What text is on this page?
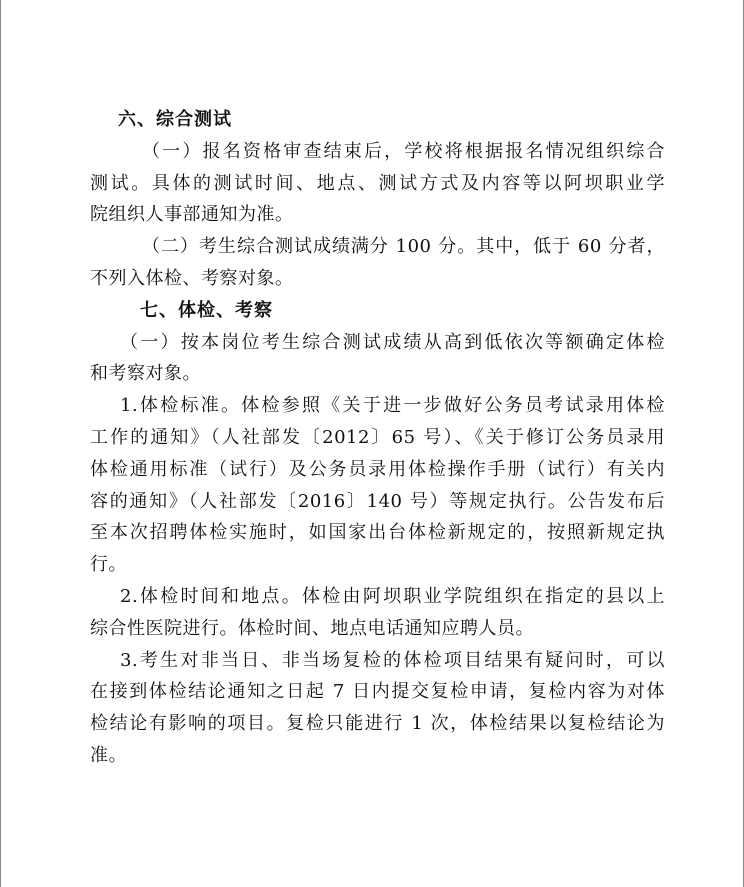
六、综合测试
（一）报名资格审查结束后，学校将根据报名情况组织综合
测试。具体的测试时间、地点、测试方式及内容等以阿坝职业学
院组织人事部通知为准。
（二）考生综合测试成绩满分 100 分。其中，低于 60 分者，
不列入体检、考察对象。
七、体检、考察
（一）按本岗位考生综合测试成绩从高到低依次等额确定体检
和考察对象。
1.体检标准。体检参照《关于进一步做好公务员考试录用体检
工作的通知》（人社部发〔2012〕65 号）、《关于修订公务员录用
体检通用标准（试行）及公务员录用体检操作手册（试行）有关内
容的通知》（人社部发〔2016〕140 号）等规定执行。公告发布后
至本次招聘体检实施时，如国家出台体检新规定的，按照新规定执
行。
2.体检时间和地点。体检由阿坝职业学院组织在指定的县以上
综合性医院进行。体检时间、地点电话通知应聘人员。
3.考生对非当日、非当场复检的体检项目结果有疑问时，可以
在接到体检结论通知之日起 7 日内提交复检申请，复检内容为对体
检结论有影响的项目。复检只能进行 1 次，体检结果以复检结论为
准。
